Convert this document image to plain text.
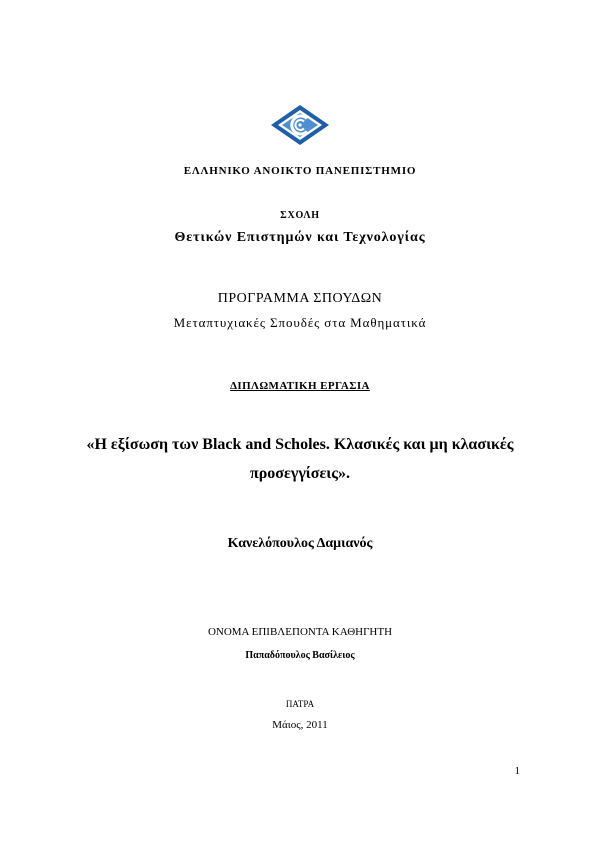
ΕΛΛΗΝΙΚΟ ΑΝΟΙΚΤΟ ΠΑΝΕΠΙΣΤΗΜΙΟ
ΣΧΟΛΗ
Θετικών Επιστημών και Τεχνολογίας
ΠΡΟΓΡΑΜΜΑ ΣΠΟΥΔΩΝ
Μεταπτυχιακές Σπουδές στα Μαθηματικά
ΔΙΠΛΩΜΑΤΙΚΗ ΕΡΓΑΣΙΑ
«Η εξίσωση των Black and Scholes. Κλασικές και μη κλασικές
προσεγγίσεις».
Κανελόπουλος Δαμιανός
ΟΝΟΜΑ ΕΠΙΒΛΕΠΟΝΤΑ ΚΑΘΗΓΗΤΗ
Παπαδόπουλος Βασίλειος
ΠΑΤΡΑ
Μάιος, 2011
1
